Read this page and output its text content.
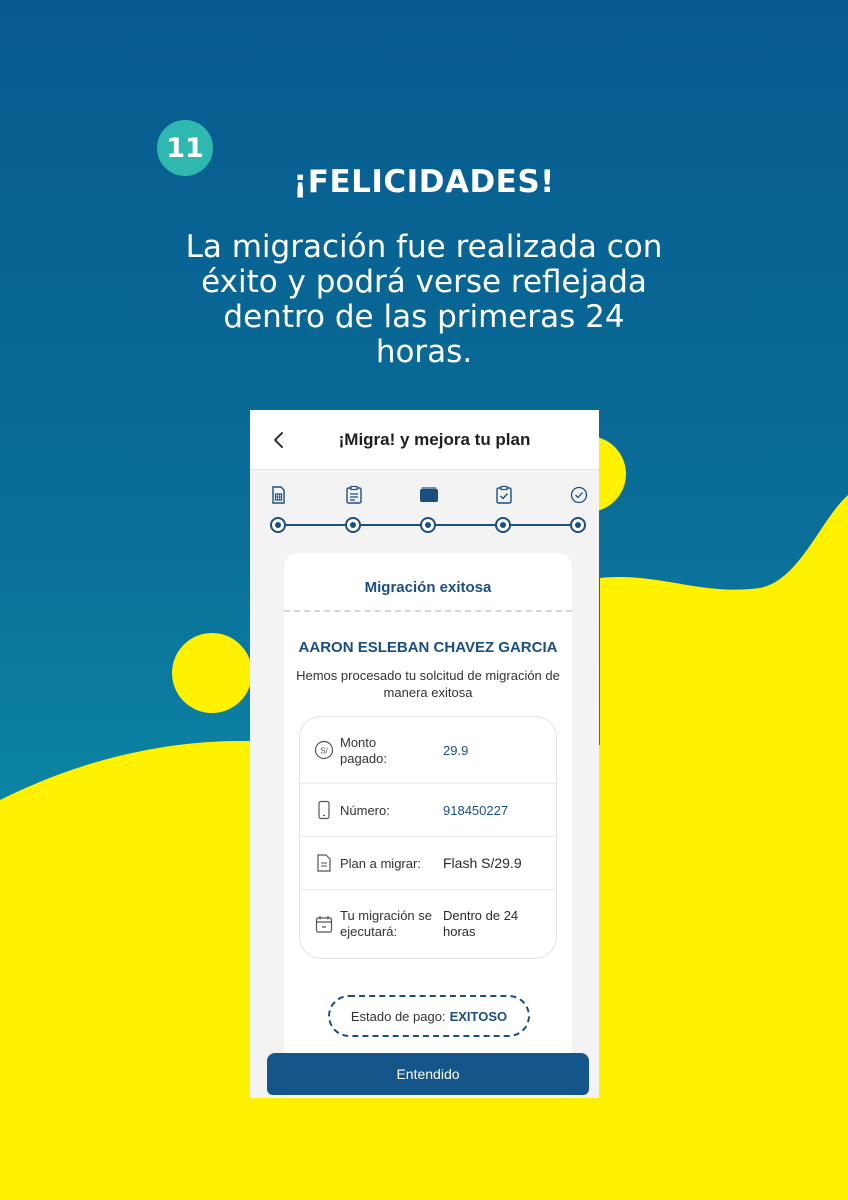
11
¡FELICIDADES!
La migración fue realizada con éxito y podrá verse reflejada dentro de las primeras 24 horas.
¡Migra! y mejora tu plan
Migración exitosa
AARON ESLEBAN CHAVEZ GARCIA
Hemos procesado tu solcitud de migración de manera exitosa
S/
Monto pagado:
29.9
Número:	918450227
Plan a migrar: Flash S/29.9
Tu migración se ejecutará:
Dentro de 24 horas
Estado de pago: EXITOSO
Entendido
